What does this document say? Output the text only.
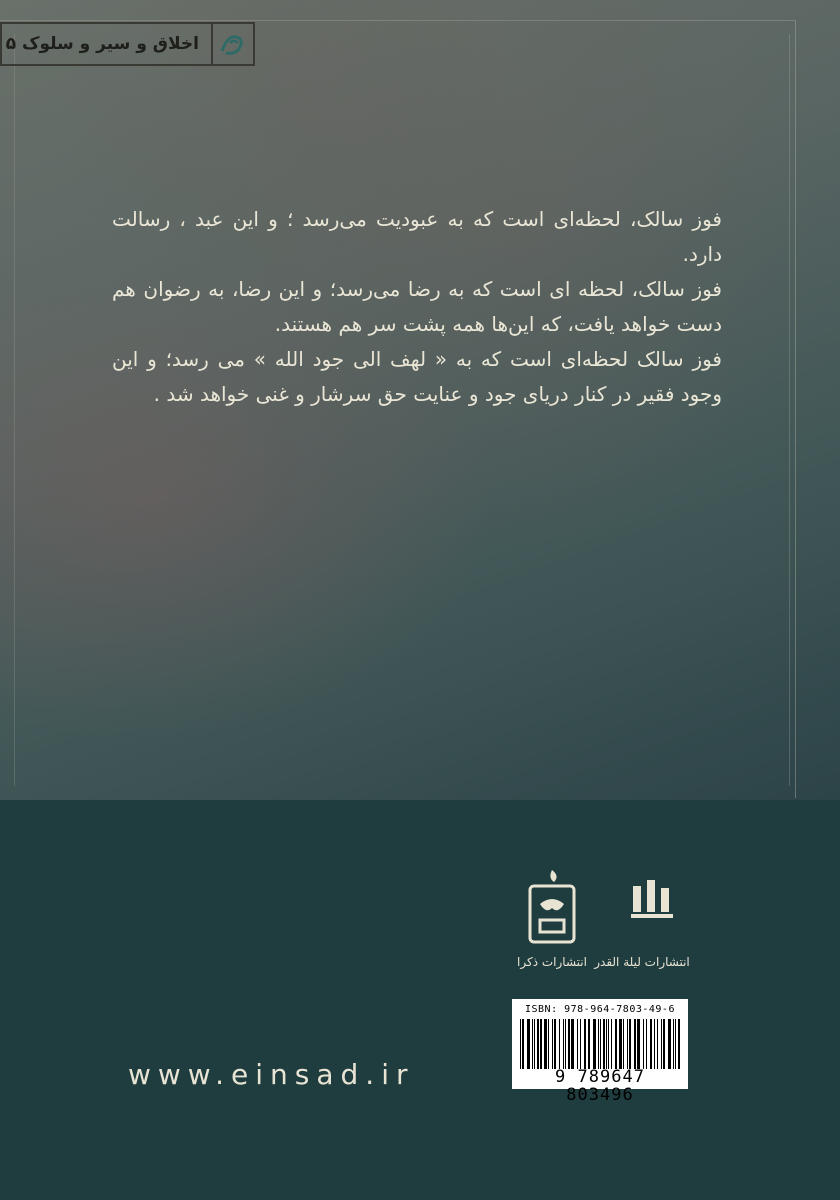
اخلاق و سیر و سلوک ۵

فوز سالک، لحظه‌ای است که به عبودیت می‌رسد ؛ و این عبد ، رسالت دارد.

فوز سالک، لحظه ای است که به رضا می‌رسد؛ و این رضا، به رضوان هم دست خواهد یافت، که این‌ها همه پشت سر هم هستند.

فوز سالک لحظه‌ای است که به « لهف الی جود الله » می رسد؛ و این وجود فقیر در کنار دریای جود و عنایت حق سرشار و غنی خواهد شد .

انتشارات لیلة القدر
انتشارات ذکرا
ISBN: 978-964-7803-49-6
9 789647 803496
www.einsad.ir
